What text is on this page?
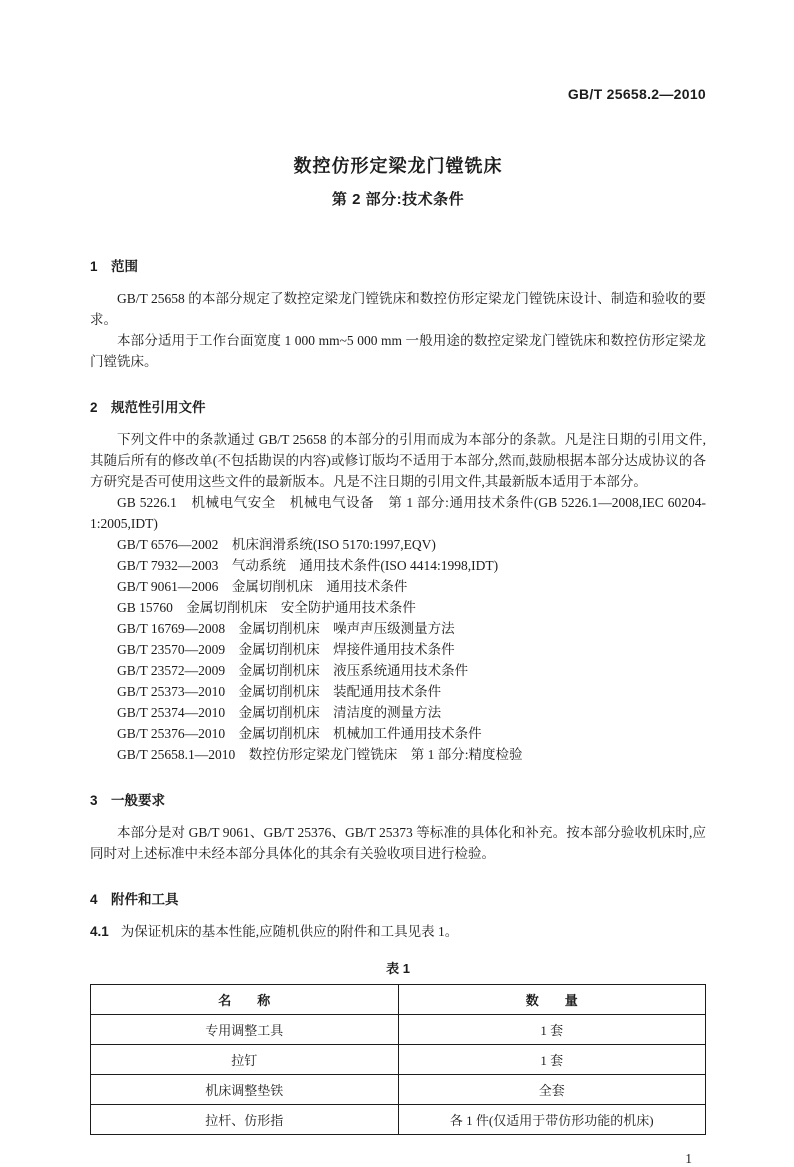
GB/T 25658.2—2010
数控仿形定梁龙门镗铣床
第 2 部分:技术条件
1　范围

GB/T 25658 的本部分规定了数控定梁龙门镗铣床和数控仿形定梁龙门镗铣床设计、制造和验收的要求。

本部分适用于工作台面宽度 1 000 mm~5 000 mm 一般用途的数控定梁龙门镗铣床和数控仿形定梁龙门镗铣床。

2　规范性引用文件

下列文件中的条款通过 GB/T 25658 的本部分的引用而成为本部分的条款。凡是注日期的引用文件,其随后所有的修改单(不包括勘误的内容)或修订版均不适用于本部分,然而,鼓励根据本部分达成协议的各方研究是否可使用这些文件的最新版本。凡是不注日期的引用文件,其最新版本适用于本部分。

GB 5226.1　机械电气安全　机械电气设备　第 1 部分:通用技术条件(GB 5226.1—2008,IEC 60204-1:2005,IDT)

GB/T 6576—2002　机床润滑系统(ISO 5170:1997,EQV)

GB/T 7932—2003　气动系统　通用技术条件(ISO 4414:1998,IDT)

GB/T 9061—2006　金属切削机床　通用技术条件

GB 15760　金属切削机床　安全防护通用技术条件

GB/T 16769—2008　金属切削机床　噪声声压级测量方法

GB/T 23570—2009　金属切削机床　焊接件通用技术条件

GB/T 23572—2009　金属切削机床　液压系统通用技术条件

GB/T 25373—2010　金属切削机床　装配通用技术条件

GB/T 25374—2010　金属切削机床　清洁度的测量方法

GB/T 25376—2010　金属切削机床　机械加工件通用技术条件

GB/T 25658.1—2010　数控仿形定梁龙门镗铣床　第 1 部分:精度检验

3　一般要求

本部分是对 GB/T 9061、GB/T 25376、GB/T 25373 等标准的具体化和补充。按本部分验收机床时,应同时对上述标准中未经本部分具体化的其余有关验收项目进行检验。

4　附件和工具

4.1 为保证机床的基本性能,应随机供应的附件和工具见表 1。

表 1
名　　称	数　　量
专用调整工具	1 套
拉钉	1 套
机床调整垫铁	全套
拉杆、仿形指	各 1 件(仅适用于带仿形功能的机床)
1
